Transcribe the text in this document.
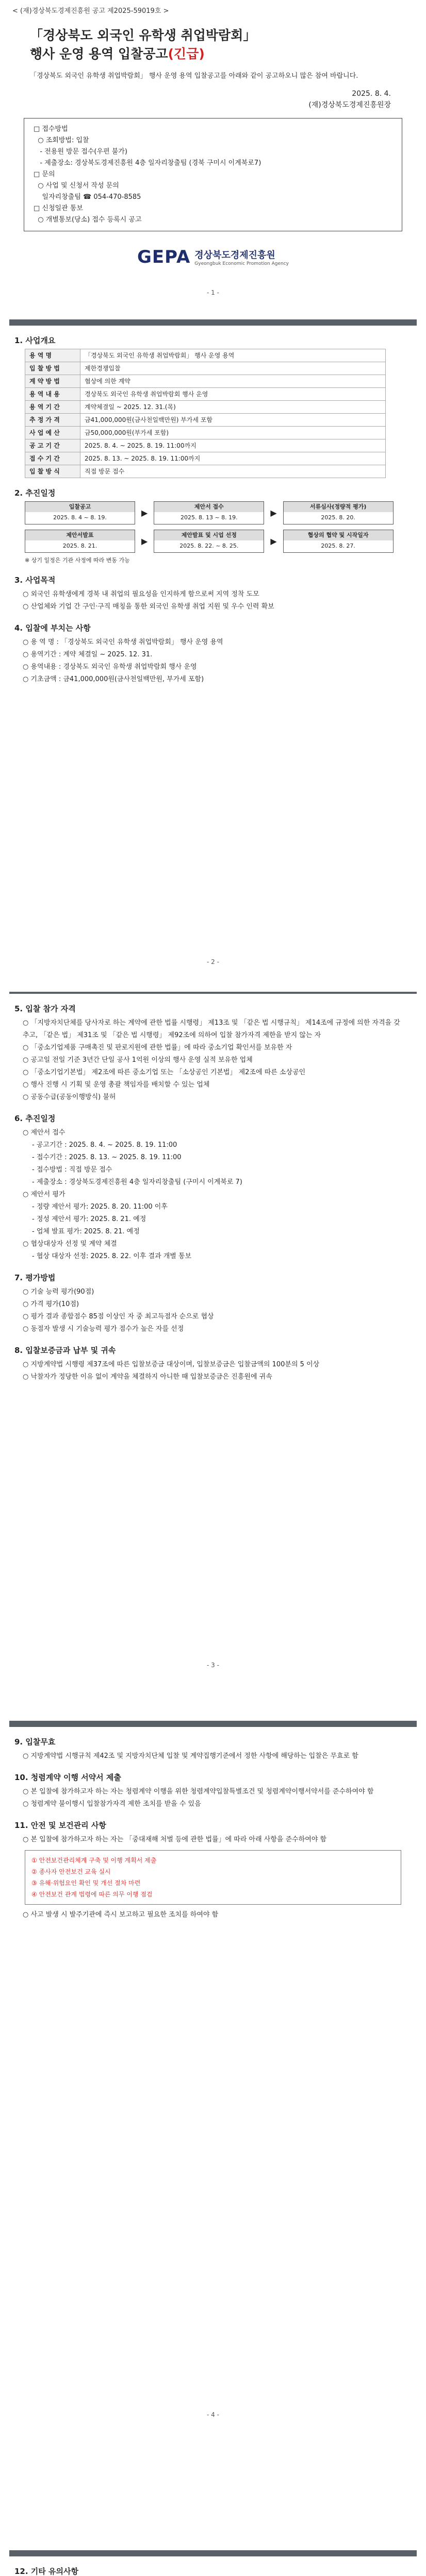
< (재)경상북도경제진흥원 공고 제2025-59019호 >
「경상북도 외국인 유학생 취업박람회」
행사 운영 용역 입찰공고(긴급)
「경상북도 외국인 유학생 취업박람회」 행사 운영 용역 입찰공고를 아래와 같이 공고하오니 많은 참여 바랍니다.
2025. 8. 4.
(재)경상북도경제진흥원장
□ 접수방법
○ 조회방법: 입찰
- 전용원 방문 접수(우편 불가)
- 제출장소: 경상북도경제진흥원 4층 일자리창출팀 (경북 구미시 이계북로7)
□ 문의
○ 사업 및 신청서 작성 문의
일자리창출팀 ☎ 054-470-8585
□ 신청일관 통보
○ 개별통보(당소) 접수 등록시 공고
GEPA 경상북도경제진흥원
Gyeongbuk Economic Promotion Agency
- 1 -
1. 사업개요
용 역 명	「경상북도 외국인 유학생 취업박람회」 행사 운영 용역
입 찰 방 법	제한경쟁입찰
계 약 방 법	협상에 의한 계약
용 역 내 용	경상북도 외국인 유학생 취업박람회 행사 운영
용 역 기 간	계약체결일 ~ 2025. 12. 31.(목)
추 정 가 격	금41,000,000원(금사천일백만원) 부가세 포함
사 업 예 산	금50,000,000원(부가세 포함)
공 고 기 간	2025. 8. 4. ~ 2025. 8. 19. 11:00까지
접 수 기 간	2025. 8. 13. ~ 2025. 8. 19. 11:00까지
입 찰 방 식	직접 방문 접수
2. 추진일정
입찰공고
2025. 8. 4 ~ 8. 19.	▶
제안서 접수
2025. 8. 13 ~ 8. 19.	▶
서류심사(정량적 평가)
2025. 8. 20.
제안서발표
2025. 8. 21.	▶
제안발표 및 시업 선정
2025. 8. 22. ~ 8. 25.	▶
협상의 협약 및 시작일자
2025. 8. 27.
※ 상기 일정은 기관 사정에 따라 변동 가능
3. 사업목적
○ 외국인 유학생에게 경북 내 취업의 필요성을 인지하게 함으로써 지역 정착 도모
○ 산업체와 기업 간 구인·구직 매칭을 통한 외국인 유학생 취업 지원 및 우수 인력 확보
4. 입찰에 부치는 사항
○ 용 역 명 : 「경상북도 외국인 유학생 취업박람회」 행사 운영 용역
○ 용역기간 : 계약 체결일 ~ 2025. 12. 31.
○ 용역내용 : 경상북도 외국인 유학생 취업박람회 행사 운영
○ 기초금액 : 금41,000,000원(금사천일백만원, 부가세 포함)
- 2 -
5. 입찰 참가 자격
○ 「지방자치단체를 당사자로 하는 계약에 관한 법률 시행령」 제13조 및 「같은 법 시행규칙」 제14조에 규정에 의한 자격을 갖추고, 「같은 법」 제31조 및 「같은 법 시행령」 제92조에 의하여 입찰 참가자격 제한을 받지 않는 자
○ 「중소기업제품 구매촉진 및 판로지원에 관한 법률」에 따라 중소기업 확인서를 보유한 자
○ 공고일 전일 기준 3년간 단일 공사 1억원 이상의 행사 운영 실적 보유한 업체
○ 「중소기업기본법」 제2조에 따른 중소기업 또는 「소상공인 기본법」 제2조에 따른 소상공인
○ 행사 진행 시 기획 및 운영 총괄 책임자를 배치할 수 있는 업체
○ 공동수급(공동이행방식) 불허
6. 추진일정
○ 제안서 접수
- 공고기간 : 2025. 8. 4. ~ 2025. 8. 19. 11:00
- 접수기간 : 2025. 8. 13. ~ 2025. 8. 19. 11:00
- 접수방법 : 직접 방문 접수
- 제출장소 : 경상북도경제진흥원 4층 일자리창출팀 (구미시 이계북로 7)
○ 제안서 평가
- 정량 제안서 평가: 2025. 8. 20. 11:00 이후
- 정성 제안서 평가: 2025. 8. 21. 예정
- 업체 발표 평가: 2025. 8. 21. 예정
○ 협상대상자 선정 및 계약 체결
- 협상 대상자 선정: 2025. 8. 22. 이후 결과 개별 통보
7. 평가방법
○ 기술 능력 평가(90점)
○ 가격 평가(10점)
○ 평가 결과 종합점수 85점 이상인 자 중 최고득점자 순으로 협상
○ 동점자 발생 시 기술능력 평가 점수가 높은 자를 선정
8. 입찰보증금과 납부 및 귀속
○ 지방계약법 시행령 제37조에 따른 입찰보증금 대상이며, 입찰보증금은 입찰금액의 100분의 5 이상
○ 낙찰자가 정당한 이유 없이 계약을 체결하지 아니한 때 입찰보증금은 진흥원에 귀속
- 3 -
9. 입찰무효
○ 지방계약법 시행규칙 제42조 및 지방자치단체 입찰 및 계약집행기준에서 정한 사항에 해당하는 입찰은 무효로 함
10. 청렴계약 이행 서약서 제출
○ 본 입찰에 참가하고자 하는 자는 청렴계약 이행을 위한 청렴계약입찰특별조건 및 청렴계약이행서약서를 준수하여야 함
○ 청렴계약 불이행시 입찰참가자격 제한 조치를 받을 수 있음
11. 안전 및 보건관리 사항
○ 본 입찰에 참가하고자 하는 자는 「중대재해 처벌 등에 관한 법률」에 따라 아래 사항을 준수하여야 함
① 안전보건관리체계 구축 및 이행 계획서 제출
② 종사자 안전보건 교육 실시
③ 유해·위험요인 확인 및 개선 절차 마련
④ 안전보건 관계 법령에 따른 의무 이행 점검
○ 사고 발생 시 발주기관에 즉시 보고하고 필요한 조치를 하여야 함
- 4 -
12. 기타 유의사항
